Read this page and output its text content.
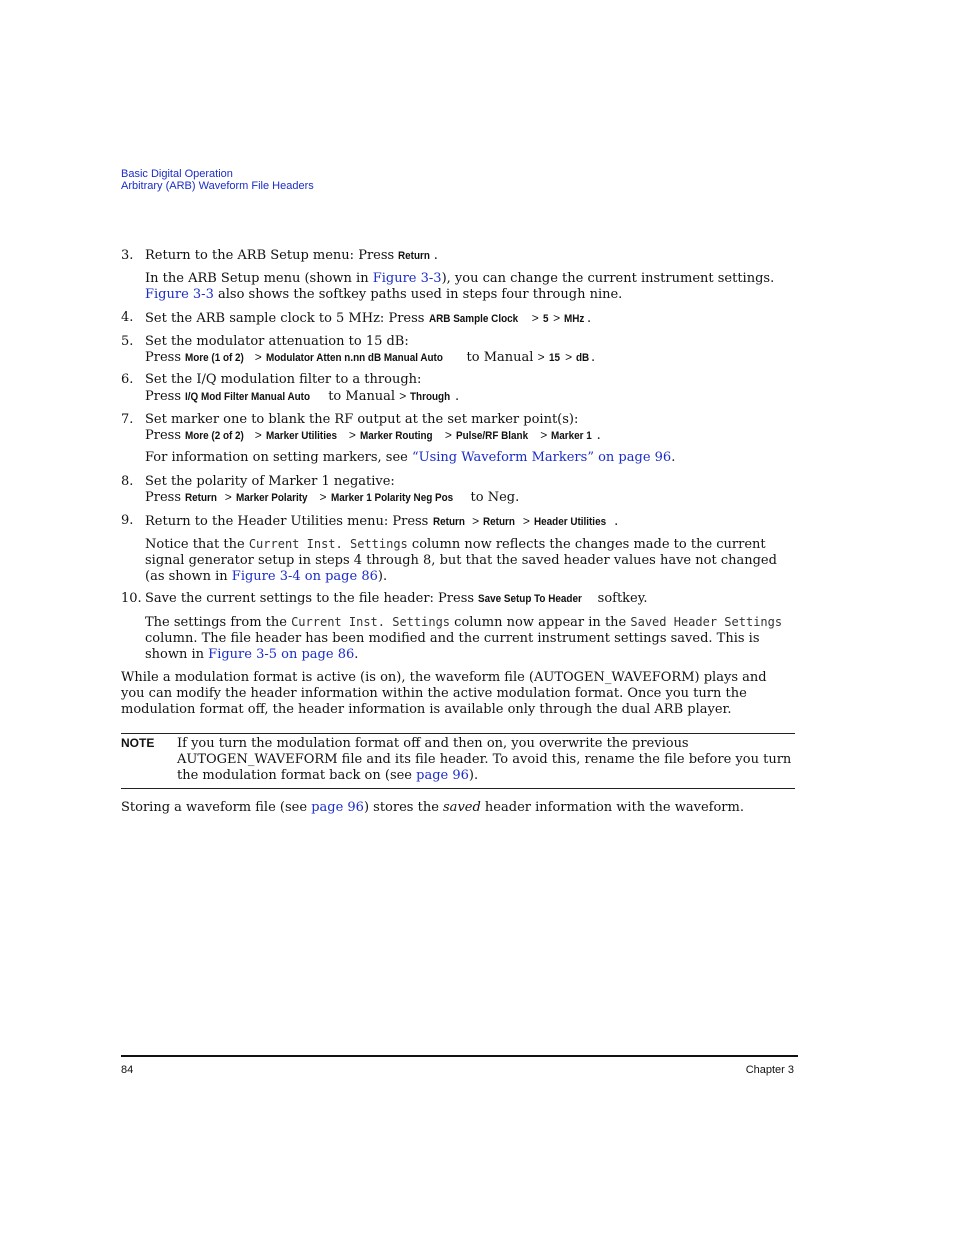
Basic Digital Operation
Arbitrary (ARB) Waveform File Headers
3. Return to the ARB Setup menu: Press Return .
In the ARB Setup menu (shown in Figure 3-3), you can change the current instrument settings. Figure 3-3 also shows the softkey paths used in steps four through nine.
4. Set the ARB sample clock to 5 MHz: Press ARB Sample Clock > 5 > MHz .
5. Set the modulator attenuation to 15 dB:
Press More (1 of 2) > Modulator Atten n.nn dB Manual Auto to Manual > 15 > dB.
6. Set the I/Q modulation filter to a through:
Press I/Q Mod Filter Manual Auto to Manual > Through .
7. Set marker one to blank the RF output at the set marker point(s):
Press More (2 of 2) > Marker Utilities > Marker Routing > Pulse/RF Blank > Marker 1 .
For information on setting markers, see “Using Waveform Markers” on page 96.
8. Set the polarity of Marker 1 negative:
Press Return > Marker Polarity > Marker 1 Polarity Neg Pos to Neg.
9. Return to the Header Utilities menu: Press Return > Return > Header Utilities .
Notice that the Current Inst. Settings column now reflects the changes made to the current signal generator setup in steps 4 through 8, but that the saved header values have not changed (as shown in Figure 3-4 on page 86).
10. Save the current settings to the file header: Press Save Setup To Header softkey.
The settings from the Current Inst. Settings column now appear in the Saved Header Settings column. The file header has been modified and the current instrument settings saved. This is shown in Figure 3-5 on page 86.
While a modulation format is active (is on), the waveform file (AUTOGEN_WAVEFORM) plays and you can modify the header information within the active modulation format. Once you turn the modulation format off, the header information is available only through the dual ARB player.
NOTE If you turn the modulation format off and then on, you overwrite the previous AUTOGEN_WAVEFORM file and its file header. To avoid this, rename the file before you turn the modulation format back on (see page 96).
Storing a waveform file (see page 96) stores the saved header information with the waveform.
84	Chapter 3
